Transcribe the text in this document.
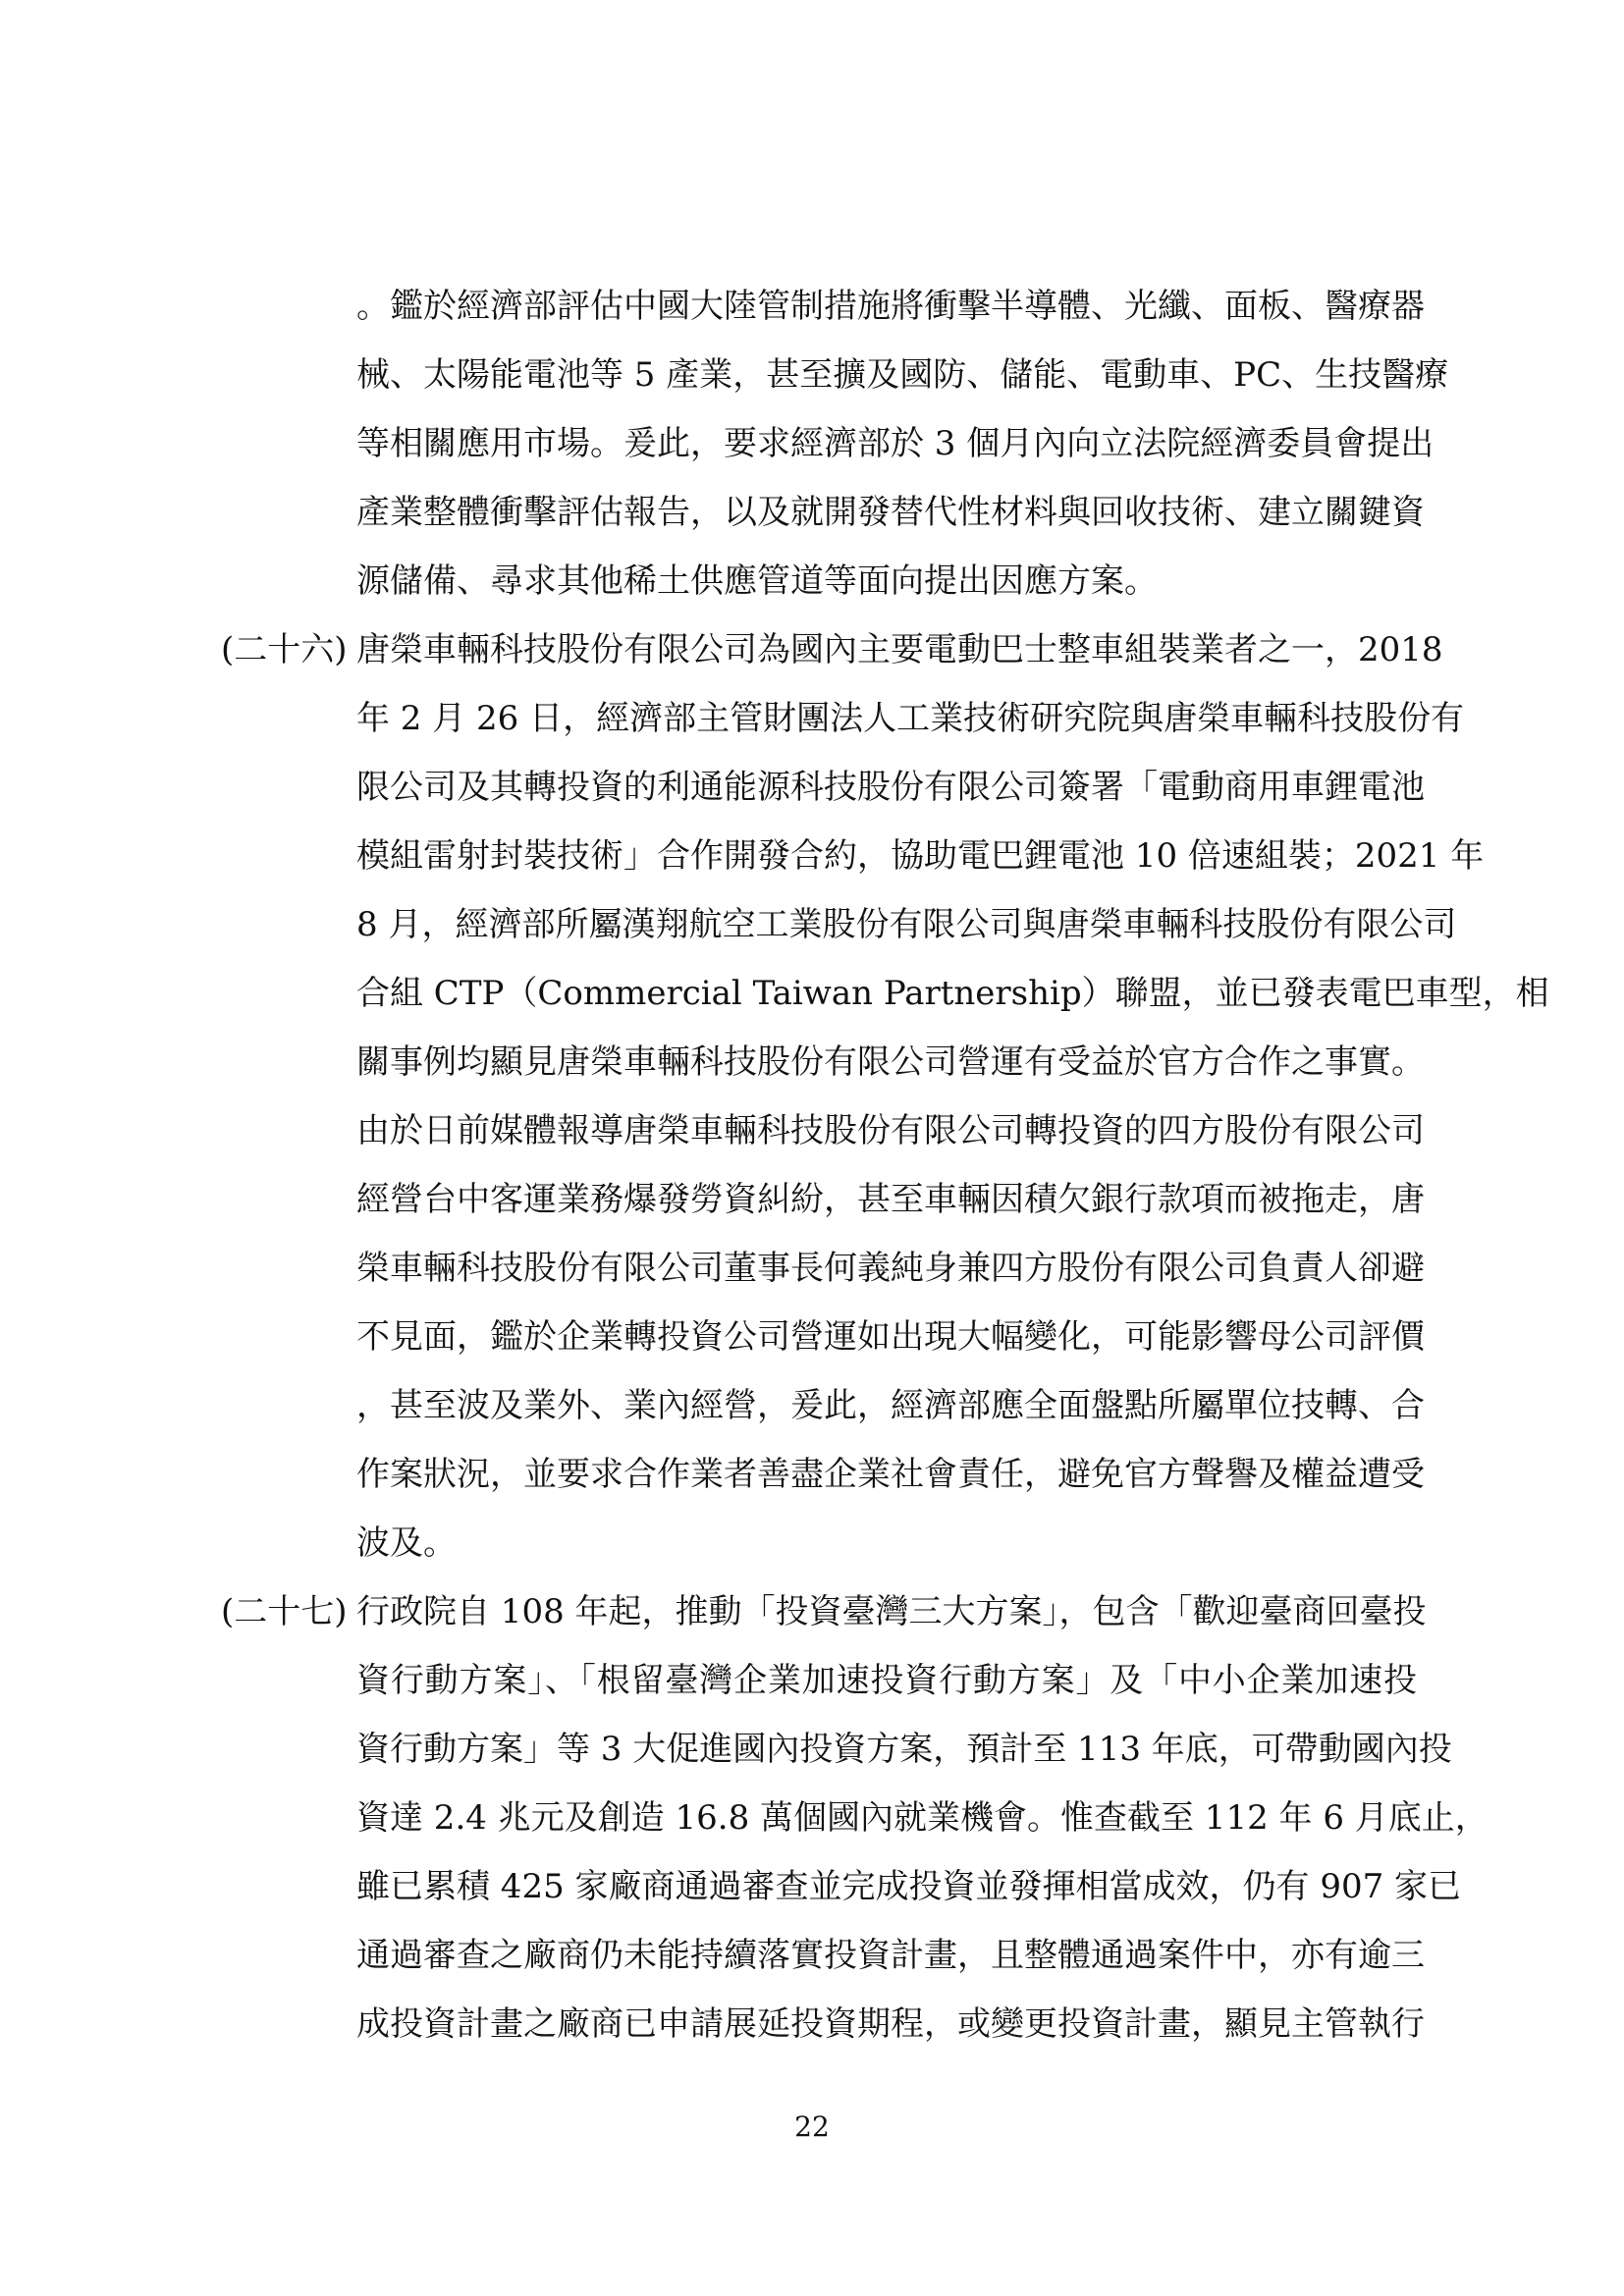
。鑑於經濟部評估中國大陸管制措施將衝擊半導體、光纖、面板、醫療器
械、太陽能電池等 5 產業，甚至擴及國防、儲能、電動車、PC、生技醫療
等相關應用市場。爰此，要求經濟部於 3 個月內向立法院經濟委員會提出
產業整體衝擊評估報告，以及就開發替代性材料與回收技術、建立關鍵資
源儲備、尋求其他稀土供應管道等面向提出因應方案。
(二十六) 唐榮車輛科技股份有限公司為國內主要電動巴士整車組裝業者之一，2018
年 2 月 26 日，經濟部主管財團法人工業技術研究院與唐榮車輛科技股份有
限公司及其轉投資的利通能源科技股份有限公司簽署「電動商用車鋰電池
模組雷射封裝技術」合作開發合約，協助電巴鋰電池 10 倍速組裝；2021 年
8 月，經濟部所屬漢翔航空工業股份有限公司與唐榮車輛科技股份有限公司
合組 CTP（Commercial Taiwan Partnership）聯盟，並已發表電巴車型，相
關事例均顯見唐榮車輛科技股份有限公司營運有受益於官方合作之事實。
由於日前媒體報導唐榮車輛科技股份有限公司轉投資的四方股份有限公司
經營台中客運業務爆發勞資糾紛，甚至車輛因積欠銀行款項而被拖走，唐
榮車輛科技股份有限公司董事長何義純身兼四方股份有限公司負責人卻避
不見面，鑑於企業轉投資公司營運如出現大幅變化，可能影響母公司評價
，甚至波及業外、業內經營，爰此，經濟部應全面盤點所屬單位技轉、合
作案狀況，並要求合作業者善盡企業社會責任，避免官方聲譽及權益遭受
波及。
(二十七) 行政院自 108 年起，推動「投資臺灣三大方案」，包含「歡迎臺商回臺投
資行動方案」、「根留臺灣企業加速投資行動方案」及「中小企業加速投
資行動方案」等 3 大促進國內投資方案，預計至 113 年底，可帶動國內投
資達 2.4 兆元及創造 16.8 萬個國內就業機會。惟查截至 112 年 6 月底止，
雖已累積 425 家廠商通過審查並完成投資並發揮相當成效，仍有 907 家已
通過審查之廠商仍未能持續落實投資計畫，且整體通過案件中，亦有逾三
成投資計畫之廠商已申請展延投資期程，或變更投資計畫，顯見主管執行
22
